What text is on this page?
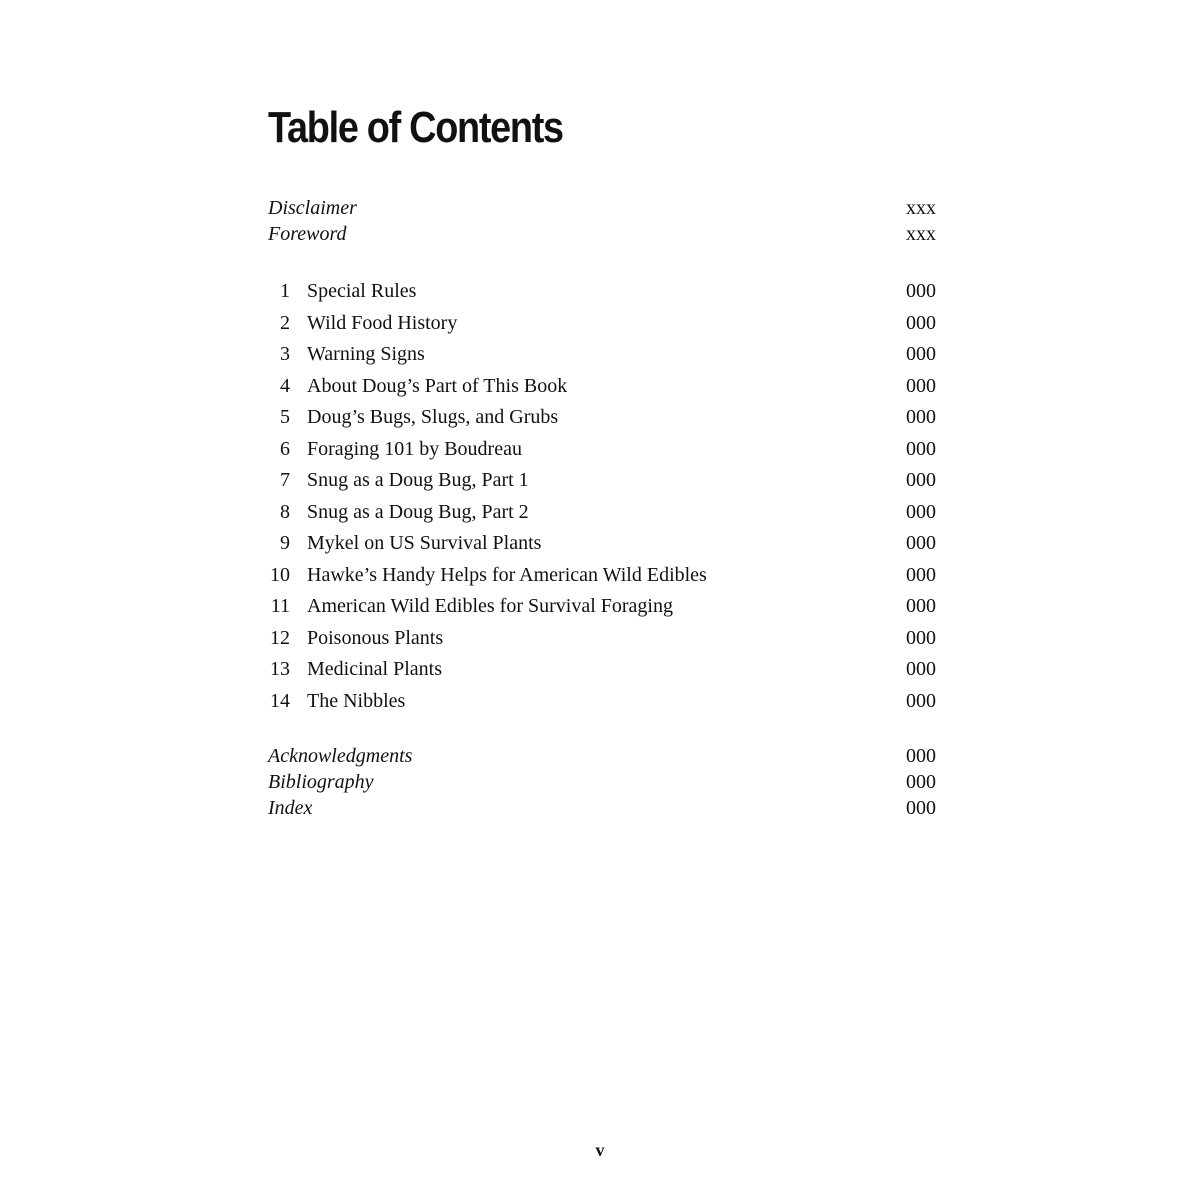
Table of Contents
Disclaimer	xxx
Foreword	xxx
1 Special Rules	000
2 Wild Food History	000
3 Warning Signs	000
4 About Doug’s Part of This Book	000
5 Doug’s Bugs, Slugs, and Grubs	000
6 Foraging 101 by Boudreau	000
7 Snug as a Doug Bug, Part 1	000
8 Snug as a Doug Bug, Part 2	000
9 Mykel on US Survival Plants	000
10 Hawke’s Handy Helps for American Wild Edibles	000
11 American Wild Edibles for Survival Foraging	000
12 Poisonous Plants	000
13 Medicinal Plants	000
14 The Nibbles	000
Acknowledgments	000
Bibliography	000
Index	000
v
